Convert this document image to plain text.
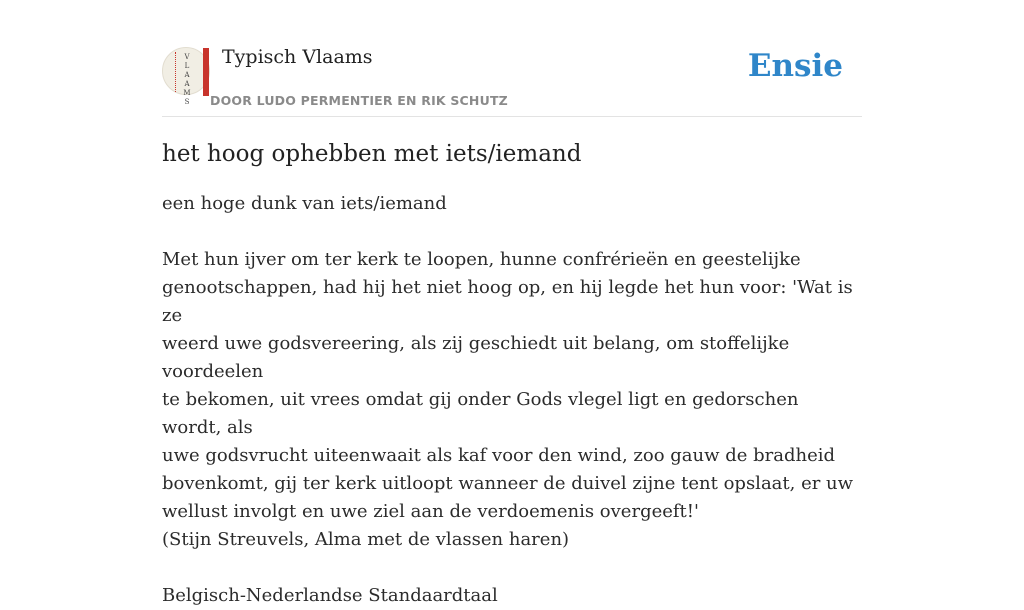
V
L
A
A
M
S
Typisch Vlaams
DOOR LUDO PERMENTIER EN RIK SCHUTZ
Ensie
het hoog ophebben met iets/iemand

een hoge dunk van iets/iemand

Met hun ijver om ter kerk te loopen, hunne confrérieën en geestelijke
genootschappen, had hij het niet hoog op, en hij legde het hun voor: 'Wat is ze
weerd uwe godsvereering, als zij geschiedt uit belang, om stoffelijke voordeelen
te bekomen, uit vrees omdat gij onder Gods vlegel ligt en gedorschen wordt, als
uwe godsvrucht uiteenwaait als kaf voor den wind, zoo gauw de bradheid
bovenkomt, gij ter kerk uitloopt wanneer de duivel zijne tent opslaat, er uw
wellust involgt en uwe ziel aan de verdoemenis overgeeft!'

(Stijn Streuvels, Alma met de vlassen haren)

Belgisch-Nederlandse Standaardtaal
